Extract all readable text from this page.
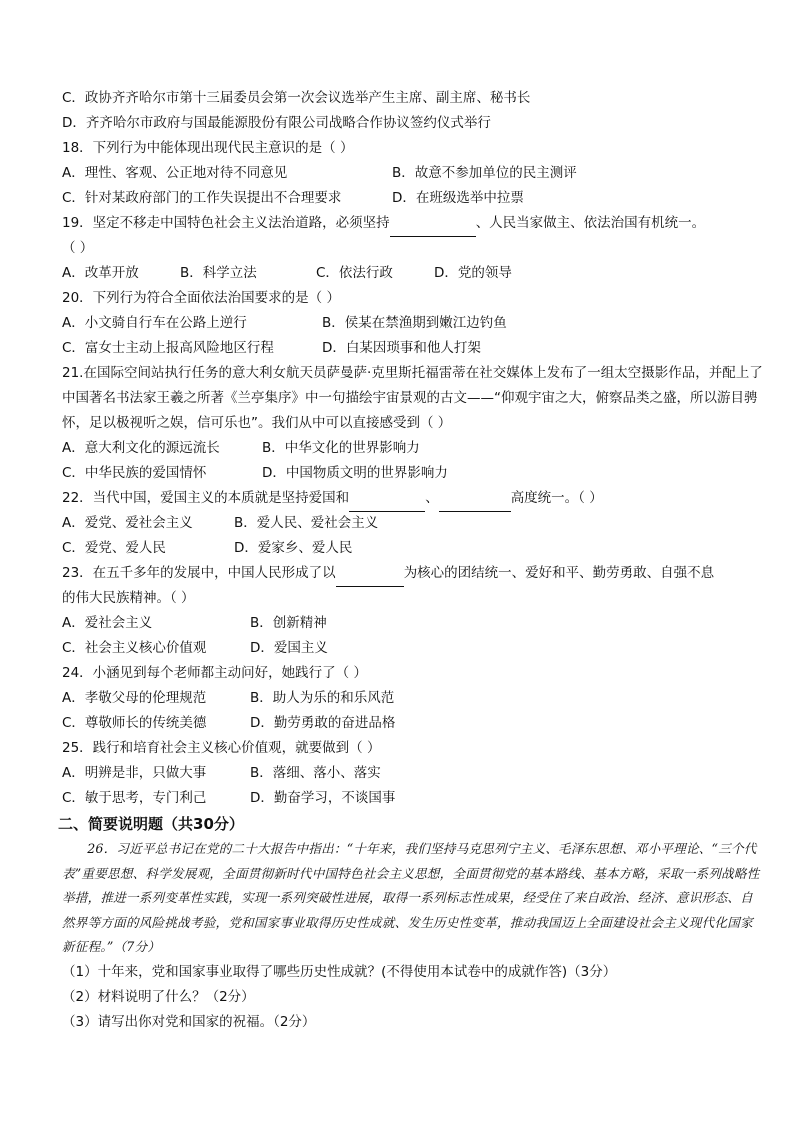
C．政协齐齐哈尔市第十三届委员会第一次会议选举产生主席、副主席、秘书长
D．齐齐哈尔市政府与国最能源股份有限公司战略合作协议签约仪式举行
18．下列行为中能体现出现代民主意识的是（ ）
A．理性、客观、公正地对待不同意见	B．故意不参加单位的民主测评
C．针对某政府部门的工作失误提出不合理要求	D．在班级选举中拉票
19．坚定不移走中国特色社会主义法治道路，必须坚持	、人民当家做主、依法治国有机统一。
（ ）
A．改革开放	B．科学立法	C．依法行政	D．党的领导
20．下列行为符合全面依法治国要求的是（ ）
A．小文骑自行车在公路上逆行	B．侯某在禁渔期到嫩江边钓鱼
C．富女士主动上报高风险地区行程	D．白某因琐事和他人打架
21.在国际空间站执行任务的意大利女航天员萨曼萨·克里斯托福雷蒂在社交媒体上发布了一组太空摄影作品，并配上了中国著名书法家王羲之所著《兰亭集序》中一句描绘宇宙景观的古文——“仰观宇宙之大，俯察品类之盛，所以游目骋怀，足以极视听之娱，信可乐也”。我们从中可以直接感受到（ ）
A．意大利文化的源远流长	B．中华文化的世界影响力
C．中华民族的爱国情怀	D．中国物质文明的世界影响力
22．当代中国，爱国主义的本质就是坚持爱国和	、	高度统一。（ ）
A．爱党、爱社会主义	B．爱人民、爱社会主义
C．爱党、爱人民	D．爱家乡、爱人民
23．在五千多年的发展中，中国人民形成了以	为核心的团结统一、爱好和平、勤劳勇敢、自强不息
的伟大民族精神。（ ）
A．爱社会主义	B．创新精神
C．社会主义核心价值观	D．爱国主义
24．小涵见到每个老师都主动问好，她践行了（ ）
A．孝敬父母的伦理规范	B．助人为乐的和乐风范
C．尊敬师长的传统美德	D．勤劳勇敢的奋进品格
25．践行和培育社会主义核心价值观，就要做到（ ）
A．明辨是非，只做大事	B．落细、落小、落实
C．敏于思考，专门利己	D．勤奋学习，不谈国事
二、简要说明题（共30分）
26．习近平总书记在党的二十大报告中指出：“十年来，我们坚持马克思列宁主义、毛泽东思想、邓小平理论、“三个代表”重要思想、科学发展观，全面贯彻新时代中国特色社会主义思想，全面贯彻党的基本路线、基本方略，采取一系列战略性举措，推进一系列变革性实践，实现一系列突破性进展，取得一系列标志性成果，经受住了来自政治、经济、意识形态、自然界等方面的风险挑战考验，党和国家事业取得历史性成就、发生历史性变革，推动我国迈上全面建设社会主义现代化国家新征程。”（7分）
（1）十年来，党和国家事业取得了哪些历史性成就？(不得使用本试卷中的成就作答)（3分）
（2）材料说明了什么？（2分）
（3）请写出你对党和国家的祝福。（2分）
